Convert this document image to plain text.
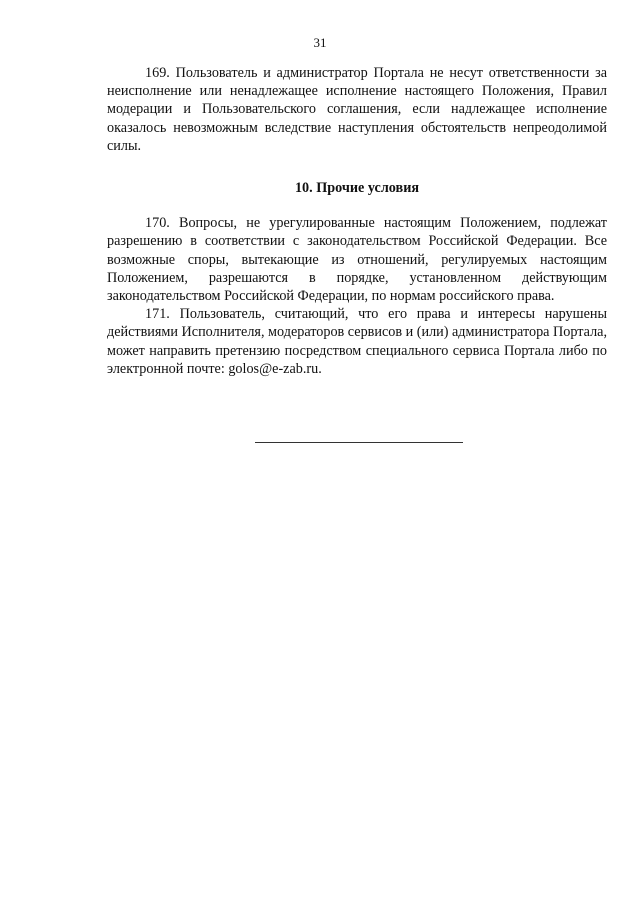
31

169. Пользователь и администратор Портала не несут ответственности за неисполнение или ненадлежащее исполнение настоящего Положения, Правил модерации и Пользовательского соглашения, если надлежащее исполнение оказалось невозможным вследствие наступления обстоятельств непреодолимой силы.

10. Прочие условия

170. Вопросы, не урегулированные настоящим Положением, подлежат разрешению в соответствии с законодательством Российской Федерации. Все возможные споры, вытекающие из отношений, регулируемых настоящим Положением, разрешаются в порядке, установленном действующим законодательством Российской Федерации, по нормам российского права.

171. Пользователь, считающий, что его права и интересы нарушены действиями Исполнителя, модераторов сервисов и (или) администратора Портала, может направить претензию посредством специального сервиса Портала либо по электронной почте: golos@e-zab.ru.
